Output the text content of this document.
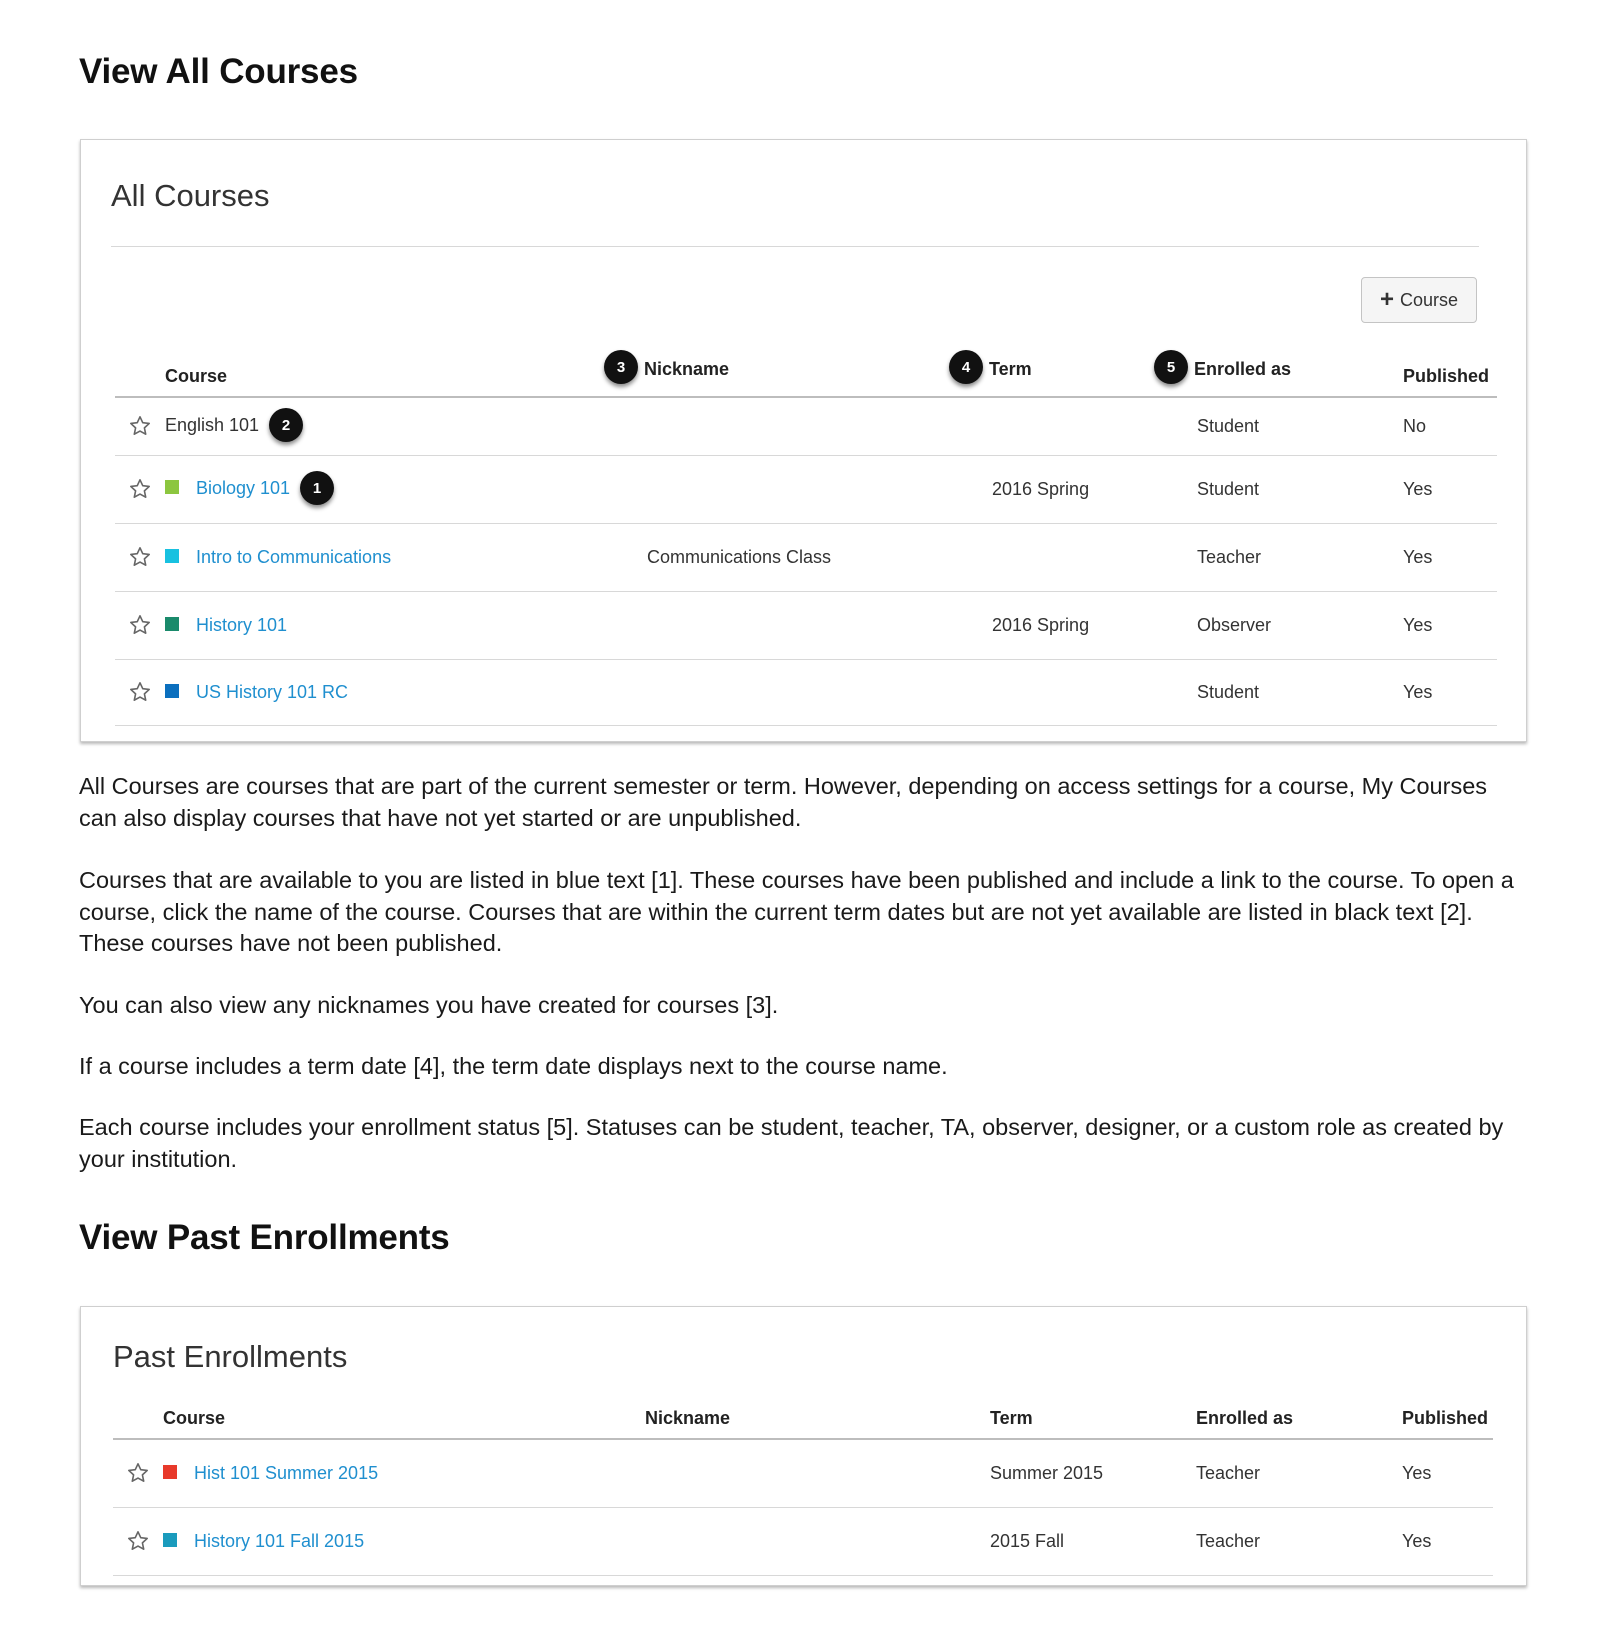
View All Courses
All Courses
+ Course
	Course	3 Nickname	4 Term	5 Enrolled as	Published
	English 101 2			Student	No
	Biology 101 1		2016 Spring	Student	Yes
	Intro to Communications	Communications Class		Teacher	Yes
	History 101		2016 Spring	Observer	Yes
	US History 101 RC			Student	Yes

All Courses are courses that are part of the current semester or term. However, depending on access settings for a course, My Courses can also display courses that have not yet started or are unpublished.

Courses that are available to you are listed in blue text [1]. These courses have been published and include a link to the course. To open a course, click the name of the course. Courses that are within the current term dates but are not yet available are listed in black text [2]. These courses have not been published.

You can also view any nicknames you have created for courses [3].

If a course includes a term date [4], the term date displays next to the course name.

Each course includes your enrollment status [5]. Statuses can be student, teacher, TA, observer, designer, or a custom role as created by your institution.

View Past Enrollments
Past Enrollments
	Course	Nickname	Term	Enrolled as	Published
	Hist 101 Summer 2015		Summer 2015	Teacher	Yes
	History 101 Fall 2015		2015 Fall	Teacher	Yes
